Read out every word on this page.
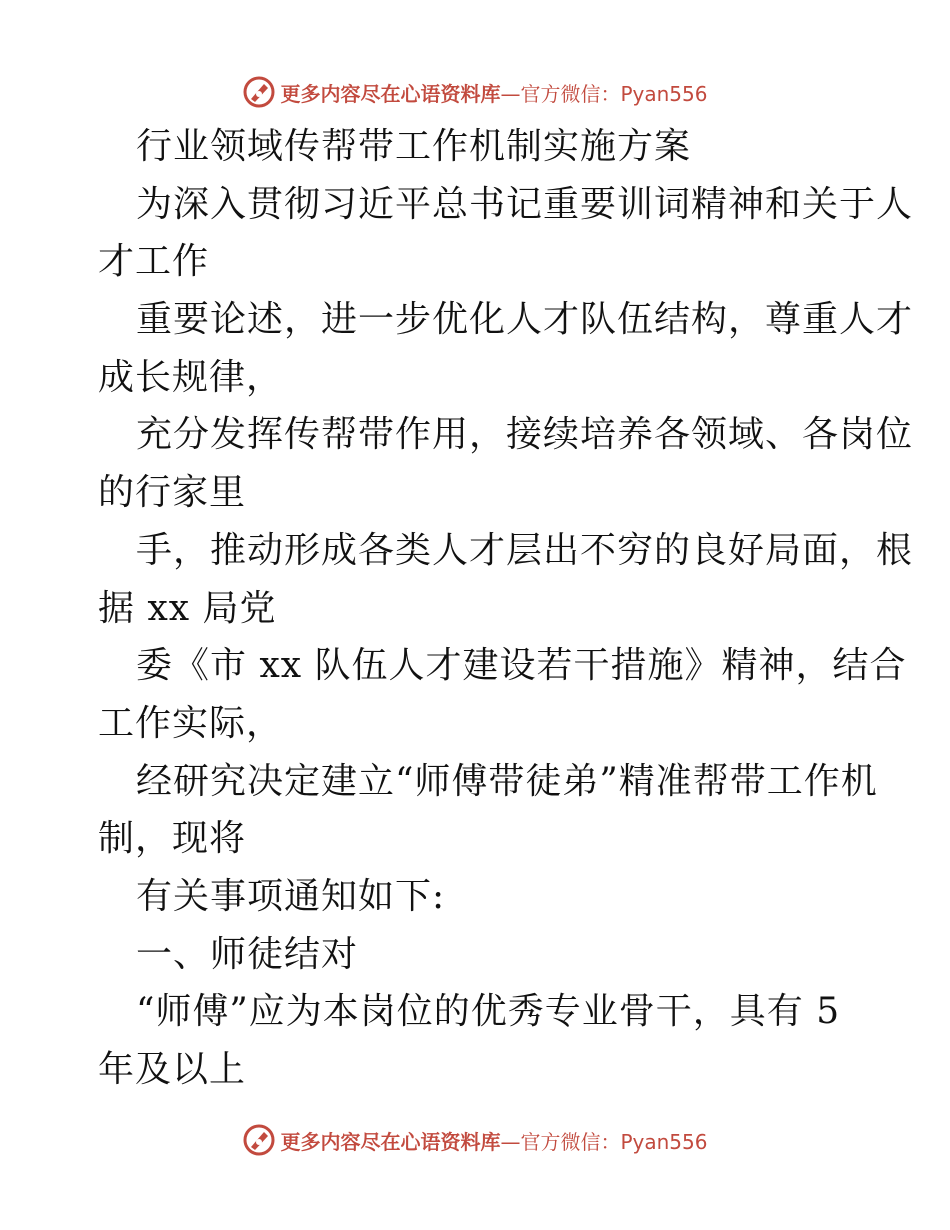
更多内容尽在心语资料库—官方微信：Pyan556
行业领域传帮带工作机制实施方案
为深入贯彻习近平总书记重要训词精神和关于人
才工作
重要论述，进一步优化人才队伍结构，尊重人才
成长规律，
充分发挥传帮带作用，接续培养各领域、各岗位
的行家里
手，推动形成各类人才层出不穷的良好局面，根
据 xx 局党
委《市 xx 队伍人才建设若干措施》精神，结合
工作实际，
经研究决定建立“师傅带徒弟”精准帮带工作机
制，现将
有关事项通知如下:
一、师徒结对
“师傅”应为本岗位的优秀专业骨干，具有 5
年及以上
更多内容尽在心语资料库—官方微信：Pyan556
